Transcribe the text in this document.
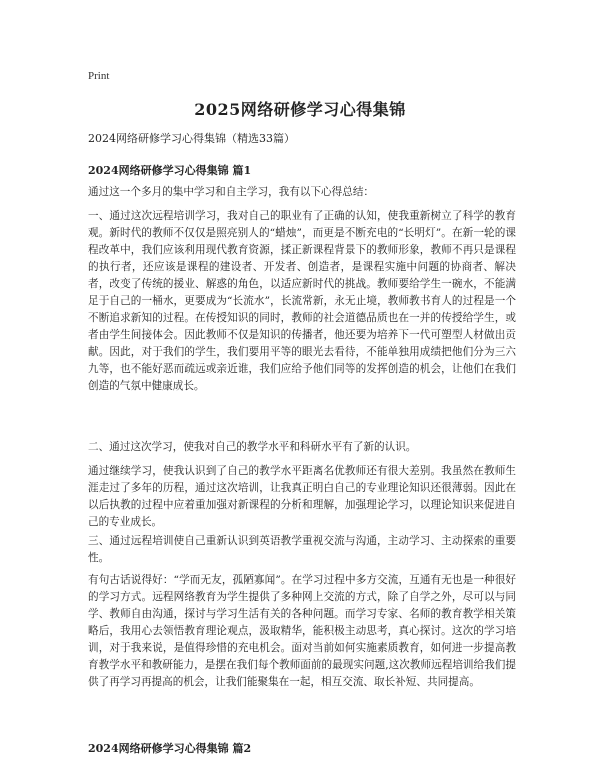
Print
2025网络研修学习心得集锦
2024网络研修学习心得集锦（精选33篇）
2024网络研修学习心得集锦 篇1

通过这一个多月的集中学习和自主学习，我有以下心得总结：

一、通过这次远程培训学习，我对自己的职业有了正确的认知，使我重新树立了科学的教育观。新时代的教师不仅仅是照亮别人的“蜡烛”，而更是不断充电的“长明灯”。在新一轮的课程改革中，我们应该利用现代教育资源，揉正新课程背景下的教师形象，教师不再只是课程的执行者，还应该是课程的建设者、开发者、创造者，是课程实施中问题的协商者、解决者，改变了传统的援业、解惑的角色，以适应新时代的挑战。教师要给学生一碗水，不能满足于自己的一桶水，更要成为“长流水”，长流常新，永无止境，教师教书育人的过程是一个不断追求新知的过程。在传授知识的同时，教师的社会道德品质也在一并的传授给学生，或者由学生间接体会。因此教师不仅是知识的传播者，他还要为培养下一代可塑型人材做出贡献。因此，对于我们的学生，我们要用平等的眼光去看待，不能单独用成绩把他们分为三六九等，也不能好恶而疏远或亲近谁，我们应给予他们同等的发挥创造的机会，让他们在我们创造的气氛中健康成长。

二、通过这次学习，使我对自己的教学水平和科研水平有了新的认识。

通过继续学习，使我认识到了自己的教学水平距离名优教师还有很大差别。我虽然在教师生涯走过了多年的历程，通过这次培训，让我真正明白自己的专业理论知识还很薄弱。因此在以后执教的过程中应着重加强对新课程的分析和理解，加强理论学习，以理论知识来促进自己的专业成长。

三、通过远程培训使自己重新认识到英语教学重视交流与沟通，主动学习、主动探索的重要性。

有句古话说得好：“学而无友，孤陋寡闻”。在学习过程中多方交流，互通有无也是一种很好的学习方式。远程网络教育为学生提供了多种网上交流的方式，除了自学之外，尽可以与同学、教师自由沟通，探讨与学习生活有关的各种问题。而学习专家、名师的教育教学相关策略后，我用心去领悟教育理论观点，汲取精华，能积极主动思考，真心探讨。这次的学习培训，对于我来说，是值得珍惜的充电机会。面对当前如何实施素质教育，如何进一步提高教育教学水平和教研能力，是摆在我们每个教师面前的最现实问题,这次教师远程培训给我们提供了再学习再提高的机会，让我们能聚集在一起，相互交流、取长补短、共同提高。

2024网络研修学习心得集锦 篇2
